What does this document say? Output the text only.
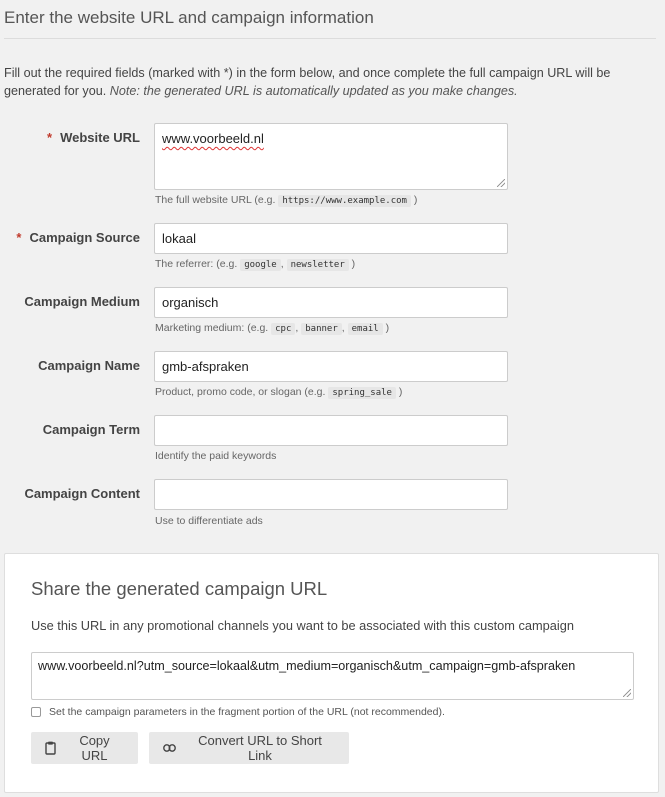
Enter the website URL and campaign information
Fill out the required fields (marked with *) in the form below, and once complete the full campaign URL will be generated for you. Note: the generated URL is automatically updated as you make changes.
* Website URL	www.voorbeeld.nl
The full website URL (e.g. https://www.example.com )
* Campaign Source	lokaal
The referrer: (e.g. google , newsletter )
Campaign Medium	organisch
Marketing medium: (e.g. cpc , banner , email )
Campaign Name	gmb-afspraken
Product, promo code, or slogan (e.g. spring_sale )
Campaign Term
Identify the paid keywords
Campaign Content
Use to differentiate ads
Share the generated campaign URL
Use this URL in any promotional channels you want to be associated with this custom campaign
www.voorbeeld.nl?utm_source=lokaal&utm_medium=organisch&utm_campaign=gmb-afspraken
Set the campaign parameters in the fragment portion of the URL (not recommended).
Copy URL
Convert URL to Short Link
